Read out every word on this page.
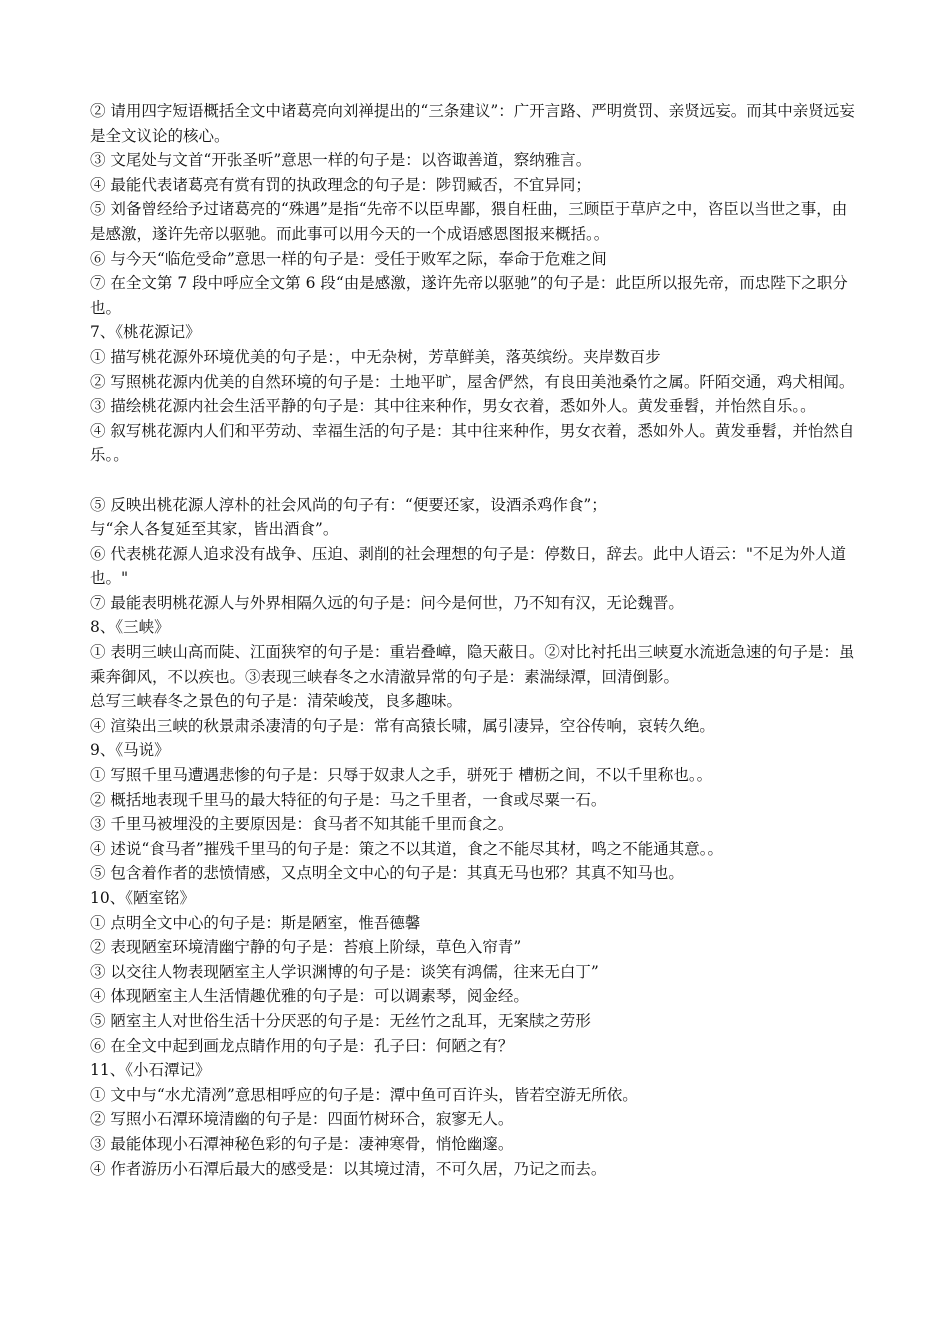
② 请用四字短语概括全文中诸葛亮向刘禅提出的“三条建议”：广开言路、严明赏罚、亲贤远妄。而其中亲贤远妄是全文议论的核心。
③ 文尾处与文首“开张圣听”意思一样的句子是：以咨诹善道，察纳雅言。
④ 最能代表诸葛亮有赏有罚的执政理念的句子是：陟罚臧否，不宜异同；
⑤ 刘备曾经给予过诸葛亮的“殊遇”是指“先帝不以臣卑鄙，猥自枉曲，三顾臣于草庐之中，咨臣以当世之事，由是感激，遂许先帝以驱驰。而此事可以用今天的一个成语感恩图报来概括。。
⑥ 与今天“临危受命”意思一样的句子是：受任于败军之际，奉命于危难之间
⑦ 在全文第 7 段中呼应全文第 6 段“由是感激，遂许先帝以驱驰”的句子是：此臣所以报先帝，而忠陛下之职分也。
7、《桃花源记》
① 描写桃花源外环境优美的句子是：，中无杂树，芳草鲜美，落英缤纷。夹岸数百步
② 写照桃花源内优美的自然环境的句子是：土地平旷，屋舍俨然，有良田美池桑竹之属。阡陌交通，鸡犬相闻。
③ 描绘桃花源内社会生活平静的句子是：其中往来种作，男女衣着，悉如外人。黄发垂髫，并怡然自乐。。
④ 叙写桃花源内人们和平劳动、幸福生活的句子是：其中往来种作，男女衣着，悉如外人。黄发垂髫，并怡然自乐。。
⑤ 反映出桃花源人淳朴的社会风尚的句子有：“便要还家，设酒杀鸡作食”；
与“余人各复延至其家，皆出酒食”。
⑥ 代表桃花源人追求没有战争、压迫、剥削的社会理想的句子是：停数日，辞去。此中人语云："不足为外人道也。"
⑦ 最能表明桃花源人与外界相隔久远的句子是：问今是何世，乃不知有汉，无论魏晋。
8、《三峡》
① 表明三峡山高而陡、江面狭窄的句子是：重岩叠嶂，隐天蔽日。②对比衬托出三峡夏水流逝急速的句子是：虽乘奔御风，不以疾也。③表现三峡春冬之水清澈异常的句子是：素湍绿潭，回清倒影。
总写三峡春冬之景色的句子是：清荣峻茂，良多趣味。
④ 渲染出三峡的秋景肃杀凄清的句子是：常有高猿长啸，属引凄异，空谷传响，哀转久绝。
9、《马说》
① 写照千里马遭遇悲惨的句子是：只辱于奴隶人之手，骈死于 槽枥之间，不以千里称也。。
② 概括地表现千里马的最大特征的句子是：马之千里者，一食或尽粟一石。
③ 千里马被埋没的主要原因是：食马者不知其能千里而食之。
④ 述说“食马者”摧残千里马的句子是：策之不以其道，食之不能尽其材，鸣之不能通其意。。
⑤ 包含着作者的悲愤情感，又点明全文中心的句子是：其真无马也邪？其真不知马也。
10、《陋室铭》
① 点明全文中心的句子是：斯是陋室，惟吾德馨
② 表现陋室环境清幽宁静的句子是：苔痕上阶绿，草色入帘青”
③ 以交往人物表现陋室主人学识渊博的句子是：谈笑有鸿儒，往来无白丁”
④ 体现陋室主人生活情趣优雅的句子是：可以调素琴，阅金经。
⑤ 陋室主人对世俗生活十分厌恶的句子是：无丝竹之乱耳，无案牍之劳形
⑥ 在全文中起到画龙点睛作用的句子是：孔子曰：何陋之有？
11、《小石潭记》
① 文中与“水尤清冽”意思相呼应的句子是：潭中鱼可百许头，皆若空游无所依。
② 写照小石潭环境清幽的句子是：四面竹树环合，寂寥无人。
③ 最能体现小石潭神秘色彩的句子是：凄神寒骨，悄怆幽邃。
④ 作者游历小石潭后最大的感受是：以其境过清，不可久居，乃记之而去。
